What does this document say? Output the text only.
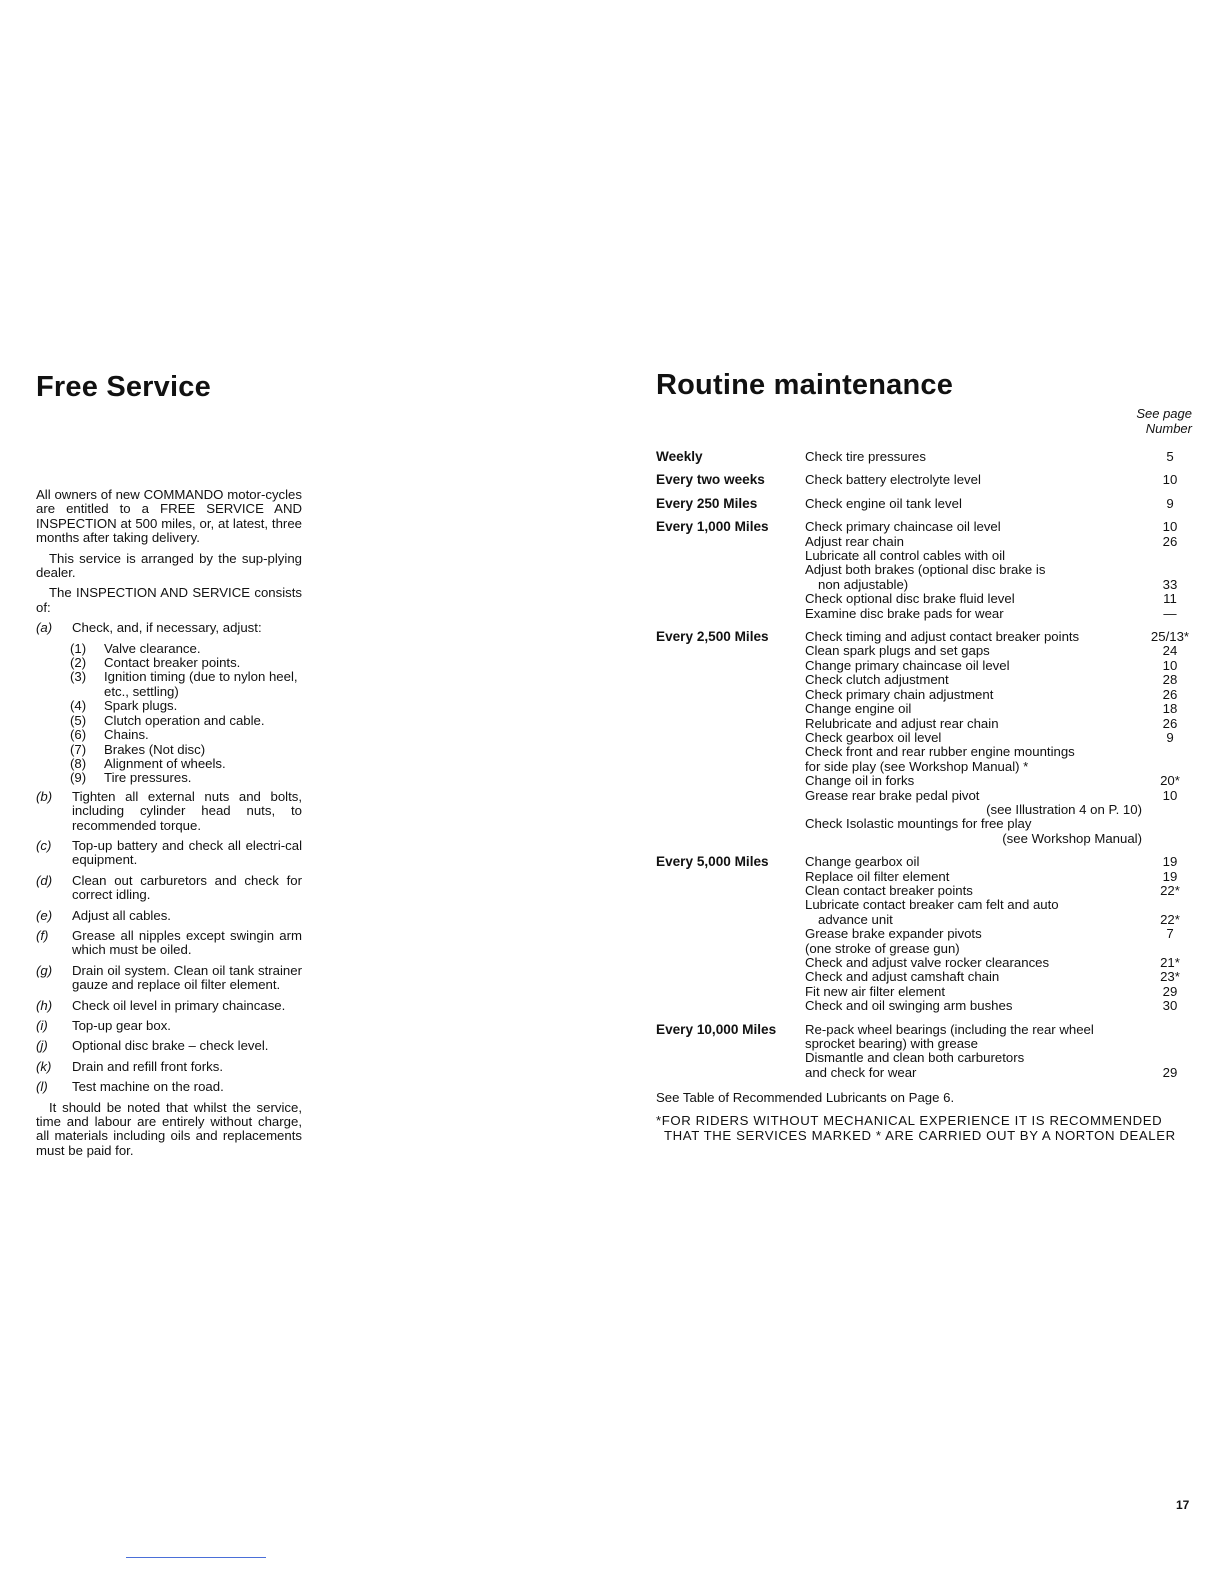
Free Service

All owners of new COMMANDO motor-cycles are entitled to a FREE SERVICE AND INSPECTION at 500 miles, or, at latest, three months after taking delivery.

This service is arranged by the sup-plying dealer.

The INSPECTION AND SERVICE consists of:

(a)	Check, and, if necessary, adjust:
(1)	Valve clearance.
(2)	Contact breaker points.
(3)	Ignition timing (due to nylon heel, etc., settling)
(4)	Spark plugs.
(5)	Clutch operation and cable.
(6)	Chains.
(7)	Brakes (Not disc)
(8)	Alignment of wheels.
(9)	Tire pressures.
(b)	Tighten all external nuts and bolts, including cylinder head nuts, to recommended torque.
(c)	Top-up battery and check all electri-cal equipment.
(d)	Clean out carburetors and check for correct idling.
(e)	Adjust all cables.
(f)	Grease all nipples except swingin arm which must be oiled.
(g)	Drain oil system. Clean oil tank strainer gauze and replace oil filter element.
(h)	Check oil level in primary chaincase.
(i)	Top-up gear box.
(j)	Optional disc brake – check level.
(k)	Drain and refill front forks.
(l)	Test machine on the road.

It should be noted that whilst the service, time and labour are entirely without charge, all materials including oils and replacements must be paid for.

Routine maintenance
See page
Number
Weekly	Check tire pressures	5
Every two weeks	Check battery electrolyte level	10
Every 250 Miles	Check engine oil tank level	9
Every 1,000 Miles	Check primary chaincase oil level	10
Adjust rear chain	26
Lubricate all control cables with oil
Adjust both brakes (optional disc brake is
non adjustable)	33
Check optional disc brake fluid level	11
Examine disc brake pads for wear	—
Every 2,500 Miles	Check timing and adjust contact breaker points	25/13*
Clean spark plugs and set gaps	24
Change primary chaincase oil level	10
Check clutch adjustment	28
Check primary chain adjustment	26
Change engine oil	18
Relubricate and adjust rear chain	26
Check gearbox oil level	9
Check front and rear rubber engine mountings
for side play (see Workshop Manual) *
Change oil in forks	20*
Grease rear brake pedal pivot	10
(see Illustration 4 on P. 10)
Check Isolastic mountings for free play
(see Workshop Manual)
Every 5,000 Miles	Change gearbox oil	19
Replace oil filter element	19
Clean contact breaker points	22*
Lubricate contact breaker cam felt and auto
advance unit	22*
Grease brake expander pivots	7
(one stroke of grease gun)
Check and adjust valve rocker clearances	21*
Check and adjust camshaft chain	23*
Fit new air filter element	29
Check and oil swinging arm bushes	30
Every 10,000 Miles	Re-pack wheel bearings (including the rear wheel
sprocket bearing) with grease
Dismantle and clean both carburetors
and check for wear	29
See Table of Recommended Lubricants on Page 6.
*FOR RIDERS WITHOUT MECHANICAL EXPERIENCE IT IS RECOMMENDED
THAT THE SERVICES MARKED * ARE CARRIED OUT BY A NORTON DEALER
17
